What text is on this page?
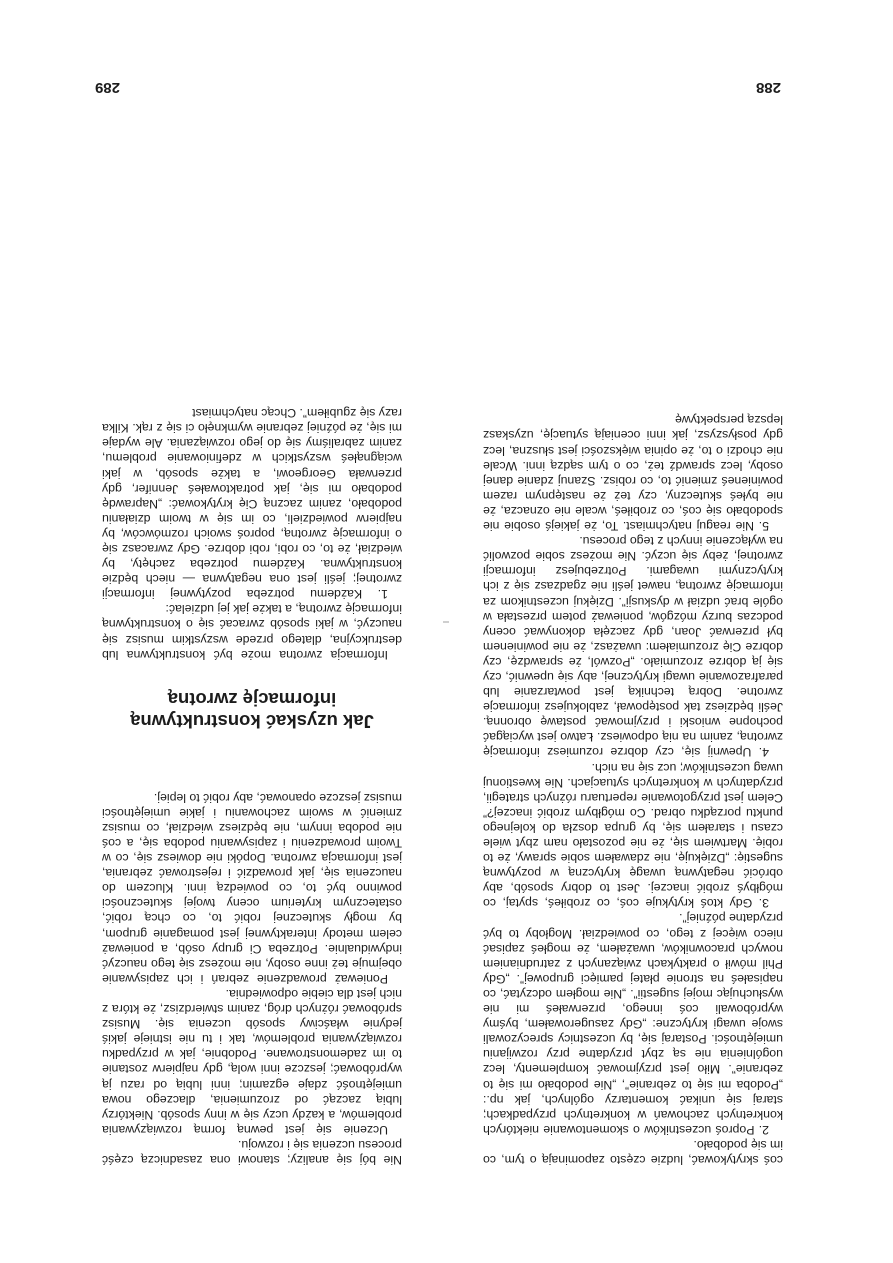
coś skrytykować, ludzie często zapominają o tym, co im się podobało.

2. Poproś uczestników o skomentowanie niektórych konkretnych zachowań w konkretnych przypadkach; staraj się unikać komentarzy ogólnych, jak np.: „Podoba mi się to zebranie”, „Nie podobało mi się to zebranie”. Miło jest przyjmować komplementy, lecz uogólnienia nie są zbyt przydatne przy rozwijaniu umiejętności. Postaraj się, by uczestnicy sprecyzowali swoje uwagi krytyczne: „Gdy zasugerowałem, byśmy wypróbowali coś innego, przerwałeś mi nie wysłuchując mojej sugestii”. „Nie mogłem odczytać, co napisałeś na stronie płatej pamięci grupowej”. „Gdy Phil mówił o praktykach związanych z zatrudnianiem nowych pracowników, uważałem, że mogłeś zapisać nieco więcej z tego, co powiedział. Mogłoby to być przydatne później”.

3. Gdy ktoś krytykuje coś, co zrobiłeś, spytaj, co mógłbyś zrobić inaczej. Jest to dobry sposób, aby obrócić negatywną uwagę krytyczną w pozytywną sugestię: „Dziękuję, nie zdawałem sobie sprawy, że to robię. Martwiem się, że nie pozostało nam zbyt wiele czasu i starałem się, by grupa doszła do kolejnego punktu porządku obrad. Co mógłbym zrobić inaczej?” Celem jest przygotowanie repertuaru różnych strategii, przydatnych w konkretnych sytuacjach. Nie kwestionuj uwag uczestników; ucz się na nich.

4. Upewnij się, czy dobrze rozumiesz informację zwrotną, zanim na nią odpowiesz. Łatwo jest wyciągać pochopne wnioski i przyjmować postawę obronną. Jeśli będziesz tak postępował, zablokujesz informacje zwrotne. Dobrą techniką jest powtarzanie lub parafrazowanie uwagi krytycznej, aby się upewnić, czy się ją dobrze zrozumiało. „Pozwól, że sprawdzę, czy dobrze Cię zrozumiałem: uważasz, że nie powinienem był przerwać Joan, gdy zaczęła dokonywać oceny podczas burzy mózgów, ponieważ potem przestała w ogóle brać udział w dyskusji”. Dziękuj uczestnikom za informację zwrotną, nawet jeśli nie zgadzasz się z ich krytycznymi uwagami. Potrzebujesz informacji zwrotnej, żeby się uczyć. Nie możesz sobie pozwolić na wyłączenie innych z tego procesu.

5. Nie reaguj natychmiast. To, że jakiejś osobie nie spodobało się coś, co zrobiłeś, wcale nie oznacza, że nie byłeś skuteczny, czy też że następnym razem powinieneś zmienić to, co robisz. Szanuj zdanie danej osoby, lecz sprawdź też, co o tym sądzą inni. Wcale nie chodzi o to, że opinia większości jest słuszna, lecz gdy posłyszysz, jak inni oceniają sytuację, uzyskasz lepszą perspektywę

288

Nie bój się analizy; stanowi ona zasadniczą część procesu uczenia się i rozwoju.

Uczenie się jest pewną formą rozwiązywania problemów, a każdy uczy się w inny sposób. Niektórzy lubią zacząć od zrozumienia, dlaczego nowa umiejętność zdaje egzamin; inni lubią od razu ją wypróbować; jeszcze inni wolą, gdy najpierw zostanie to im zademonstrowane. Podobnie, jak w przypadku rozwiązywania problemów, tak i tu nie istnieje jakiś jedynie właściwy sposób uczenia się. Musisz spróbować różnych dróg, zanim stwierdzisz, że która z nich jest dla ciebie odpowiednia.

Ponieważ prowadzenie zebrań i ich zapisywanie obejmuje też inne osoby, nie możesz się tego nauczyć indywidualnie. Potrzeba Ci grupy osób, a ponieważ celem metody interaktywnej jest pomaganie grupom, by mogły skutecznej robić to, co chcą robić, ostatecznym kryterium oceny twojej skuteczności powinno być to, co powiedzą inni. Kluczem do nauczenia się, jak prowadzić i rejestrować zebrania, jest informacja zwrotna. Dopóki nie dowiesz się, co w Twoim prowadzeniu i zapisywaniu podoba się, a coś nie podoba innym, nie będziesz wiedział, co musisz zmienić w swoim zachowaniu i jakie umiejętności musisz jeszcze opanować, aby robić to lepiej.

Jak uzyskać konstruktywną informację zwrotną

Informacja zwrotna może być konstruktywna lub destrukcyjna, dlatego przede wszystkim musisz się nauczyć, w jaki sposób zwracać się o konstruktywną informację zwrotną, a także jak jej udzielać:

1. Każdemu potrzeba pozytywnej informacji zwrotnej; jeśli jest ona negatywna — niech będzie konstruktywna. Każdemu potrzeba zachęty, by wiedział, że to, co robi, robi dobrze. Gdy zwracasz się o informację zwrotną, poproś swoich rozmówców, by najpierw powiedzieli, co im się w twoim działaniu podobało, zanim zaczną Cię krytykować: „Naprawdę podobało mi się, jak potraktowałeś Jennifer, gdy przerwała Georgeowi, a także sposób, w jaki wciągnąłeś wszystkich w zdefiniowanie problemu, zanim zabraliśmy się do jego rozwiązania. Ale wydaje mi się, że później zebranie wymknęło ci się z rąk. Kilka razy się zgubiłem”. Chcąc natychmiast

289
